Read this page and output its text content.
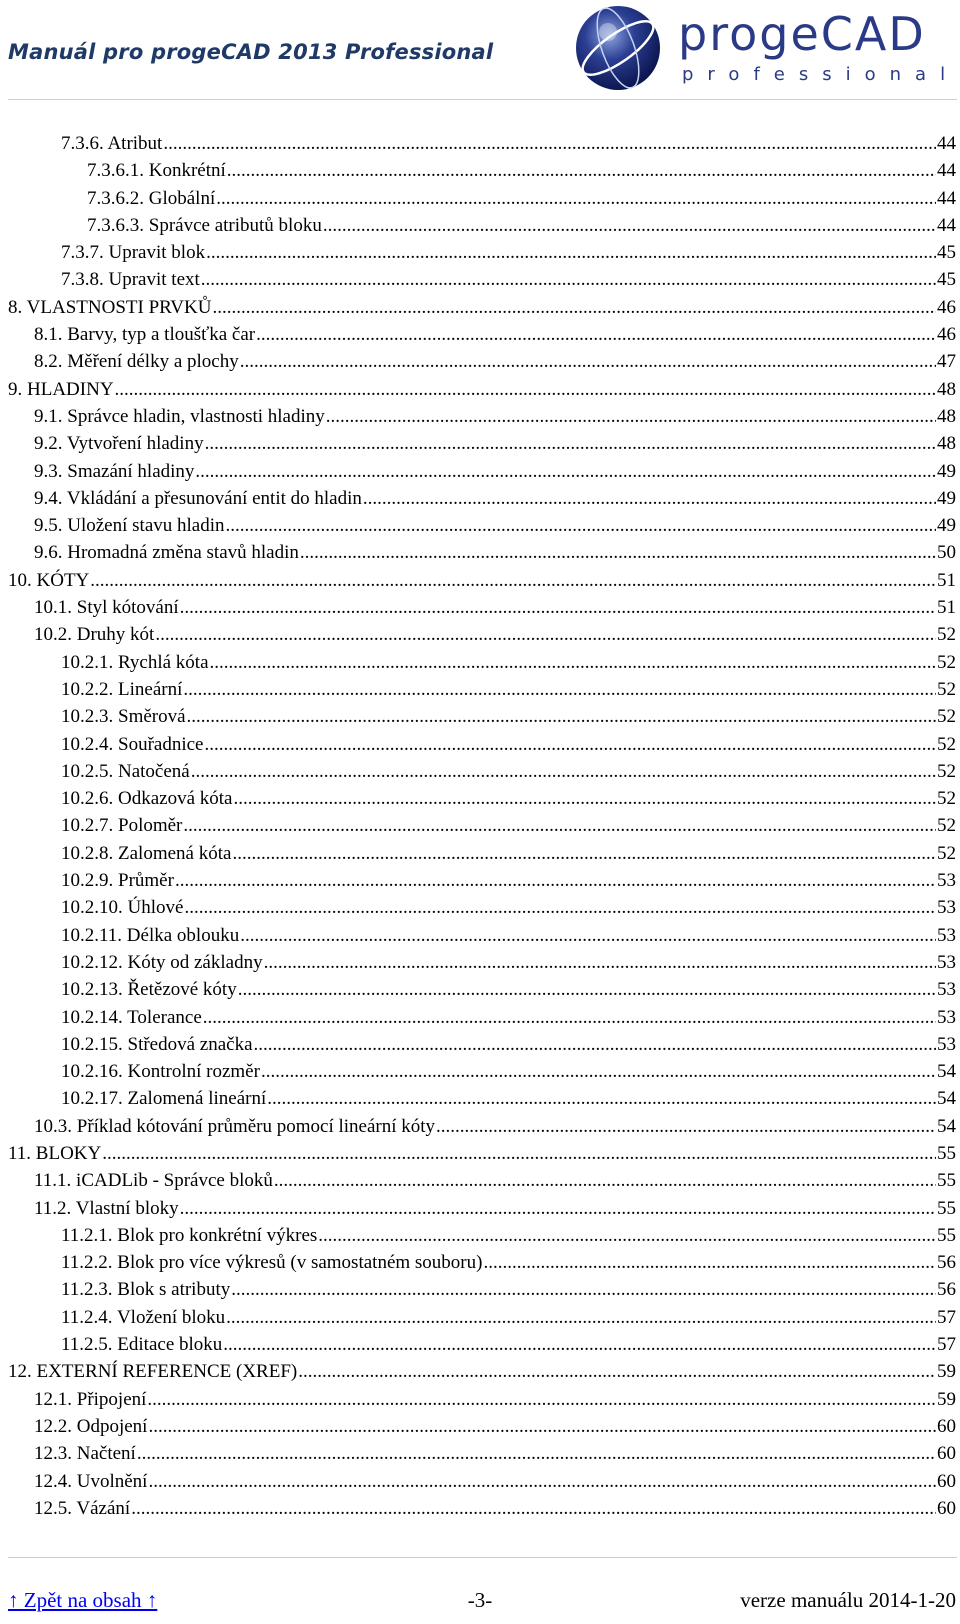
Manuál pro progeCAD 2013 Professional	progeCAD
professional
7.3.6. Atribut .....	44
7.3.6.1. Konkrétní .....	44
7.3.6.2. Globální .....	44
7.3.6.3. Správce atributů bloku .....	44
7.3.7. Upravit blok .....	45
7.3.8. Upravit text .....	45
8. VLASTNOSTI PRVKŮ .....	46
8.1. Barvy, typ a tloušťka čar .....	46
8.2. Měření délky a plochy .....	47
9. HLADINY .....	48
9.1. Správce hladin, vlastnosti hladiny .....	48
9.2. Vytvoření hladiny .....	48
9.3. Smazání hladiny .....	49
9.4. Vkládání a přesunování entit do hladin .....	49
9.5. Uložení stavu hladin .....	49
9.6. Hromadná změna stavů hladin .....	50
10. KÓTY .....	51
10.1. Styl kótování .....	51
10.2. Druhy kót .....	52
10.2.1. Rychlá kóta .....	52
10.2.2. Lineární .....	52
10.2.3. Směrová .....	52
10.2.4. Souřadnice .....	52
10.2.5. Natočená .....	52
10.2.6. Odkazová kóta .....	52
10.2.7. Poloměr .....	52
10.2.8. Zalomená kóta .....	52
10.2.9. Průměr .....	53
10.2.10. Úhlové .....	53
10.2.11. Délka oblouku .....	53
10.2.12. Kóty od základny .....	53
10.2.13. Řetězové kóty .....	53
10.2.14. Tolerance .....	53
10.2.15. Středová značka .....	53
10.2.16. Kontrolní rozměr .....	54
10.2.17. Zalomená lineární .....	54
10.3. Příklad kótování průměru pomocí lineární kóty .....	54
11. BLOKY .....	55
11.1. iCADLib - Správce bloků .....	55
11.2. Vlastní bloky .....	55
11.2.1. Blok pro konkrétní výkres .....	55
11.2.2. Blok pro více výkresů (v samostatném souboru) .....	56
11.2.3. Blok s atributy .....	56
11.2.4. Vložení bloku .....	57
11.2.5. Editace bloku .....	57
12. EXTERNÍ REFERENCE (XREF) .....	59
12.1. Připojení .....	59
12.2. Odpojení .....	60
12.3. Načtení .....	60
12.4. Uvolnění .....	60
12.5. Vázání .....	60
↑ Zpět na obsah ↑	-3-	verze manuálu 2014-1-20
